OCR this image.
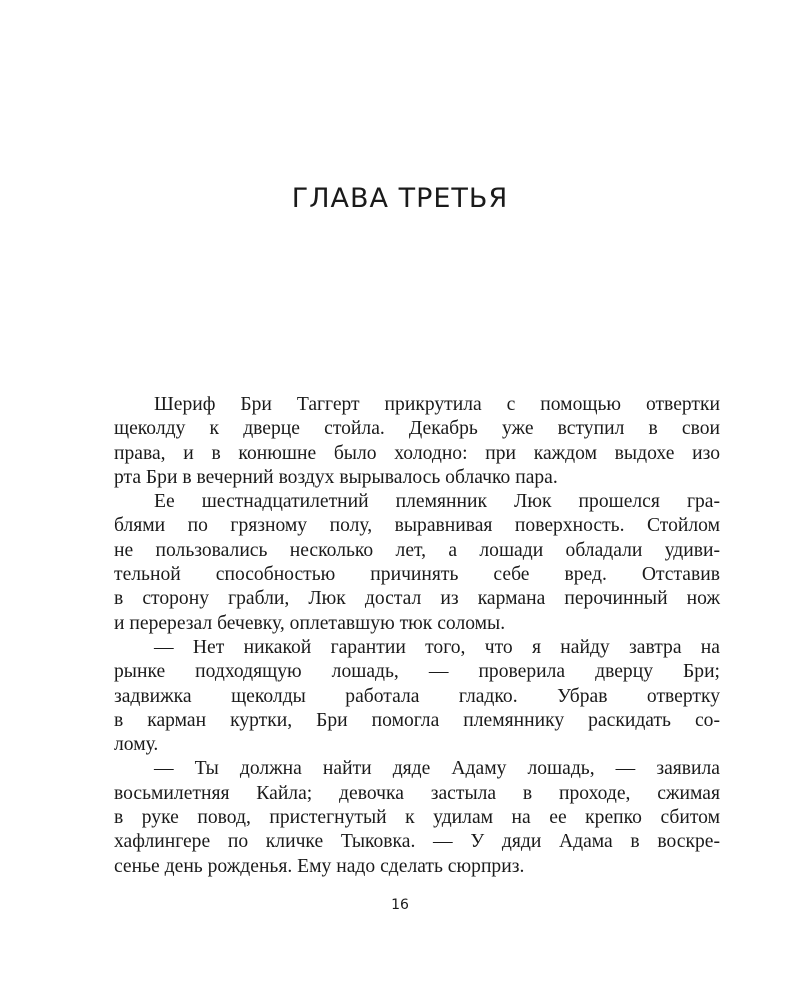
ГЛАВА ТРЕТЬЯ

Шериф Бри Таггерт прикрутила с помощью отвертки
щеколду к дверце стойла. Декабрь уже вступил в свои
права, и в конюшне было холодно: при каждом выдохе изо
рта Бри в вечерний воздух вырывалось облачко пара.

Ее шестнадцатилетний племянник Люк прошелся гра-
блями по грязному полу, выравнивая поверхность. Стойлом
не пользовались несколько лет, а лошади обладали удиви-
тельной способностью причинять себе вред. Отставив
в сторону грабли, Люк достал из кармана перочинный нож
и перерезал бечевку, оплетавшую тюк соломы.

— Нет никакой гарантии того, что я найду завтра на
рынке подходящую лошадь, — проверила дверцу Бри;
задвижка щеколды работала гладко. Убрав отвертку
в карман куртки, Бри помогла племяннику раскидать со-
лому.

— Ты должна найти дяде Адаму лошадь, — заявила
восьмилетняя Кайла; девочка застыла в проходе, сжимая
в руке повод, пристегнутый к удилам на ее крепко сбитом
хафлингере по кличке Тыковка. — У дяди Адама в воскре-
сенье день рожденья. Ему надо сделать сюрприз.

16
